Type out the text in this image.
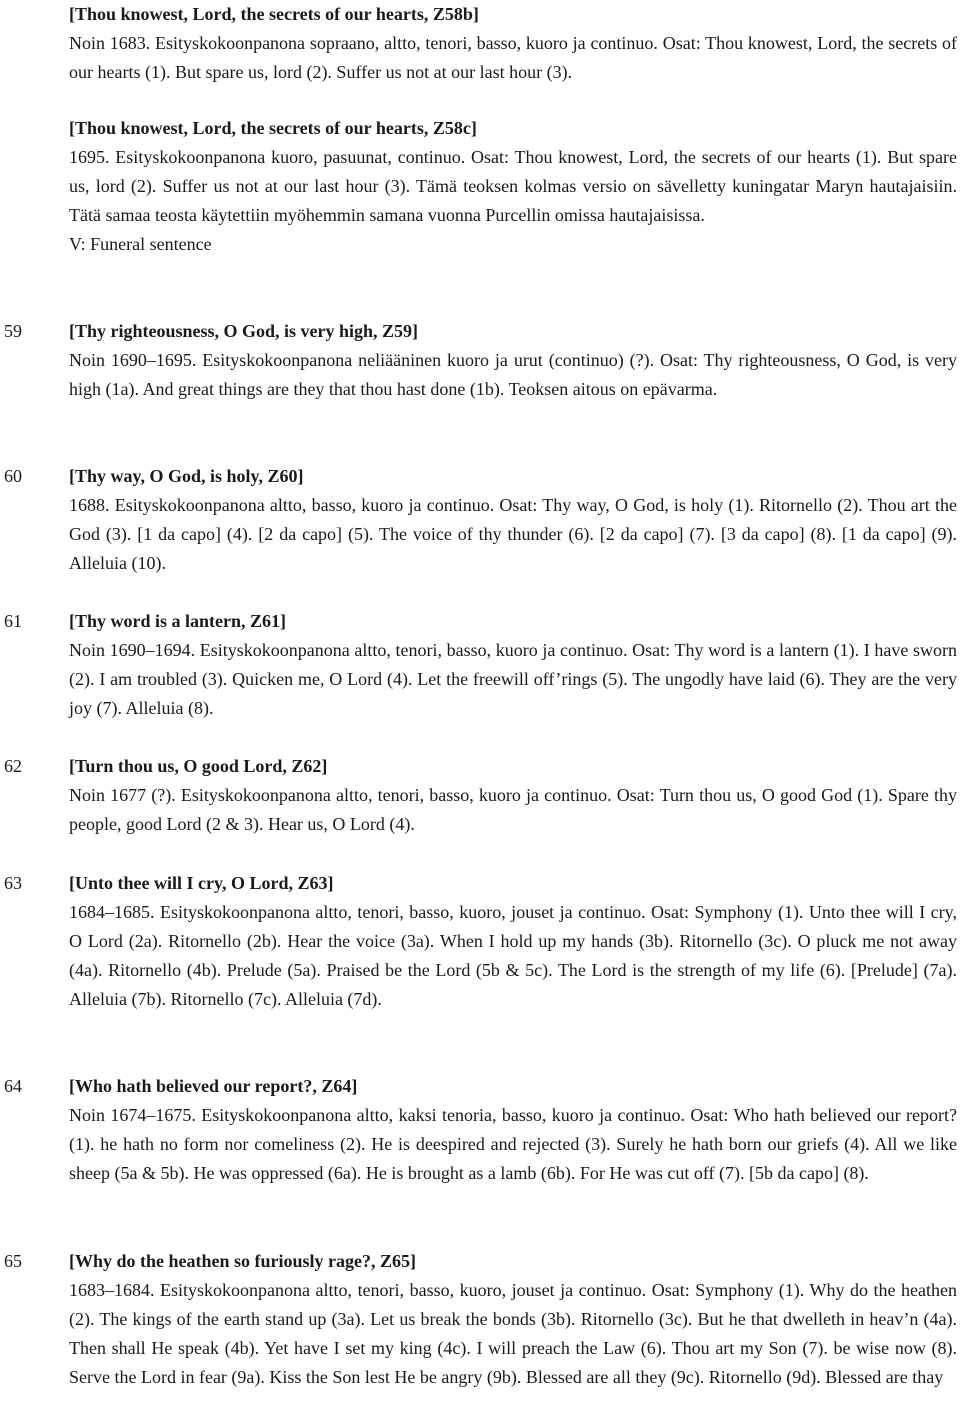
[Thou knowest, Lord, the secrets of our hearts, Z58b]
Noin 1683. Esityskokoonpanona sopraano, altto, tenori, basso, kuoro ja continuo. Osat: Thou knowest, Lord, the secrets of our hearts (1). But spare us, lord (2). Suffer us not at our last hour (3).
[Thou knowest, Lord, the secrets of our hearts, Z58c]
1695. Esityskokoonpanona kuoro, pasuunat, continuo. Osat: Thou knowest, Lord, the secrets of our hearts (1). But spare us, lord (2). Suffer us not at our last hour (3). Tämä teoksen kolmas versio on sävelletty kuningatar Maryn hautajaisiin. Tätä samaa teosta käytettiin myöhemmin samana vuonna Purcellin omissa hautajaisissa.
V: Funeral sentence
59	[Thy righteousness, O God, is very high, Z59]
Noin 1690–1695. Esityskokoonpanona neliääninen kuoro ja urut (continuo) (?). Osat: Thy righteousness, O God, is very high (1a). And great things are they that thou hast done (1b). Teoksen aitous on epävarma.
60	[Thy way, O God, is holy, Z60]
1688. Esityskokoonpanona altto, basso, kuoro ja continuo. Osat: Thy way, O God, is holy (1). Ritornello (2). Thou art the God (3). [1 da capo] (4). [2 da capo] (5). The voice of thy thunder (6). [2 da capo] (7). [3 da capo] (8). [1 da capo] (9). Alleluia (10).
61	[Thy word is a lantern, Z61]
Noin 1690–1694. Esityskokoonpanona altto, tenori, basso, kuoro ja continuo. Osat: Thy word is a lantern (1). I have sworn (2). I am troubled (3). Quicken me, O Lord (4). Let the freewill off’rings (5). The ungodly have laid (6). They are the very joy (7). Alleluia (8).
62	[Turn thou us, O good Lord, Z62]
Noin 1677 (?). Esityskokoonpanona altto, tenori, basso, kuoro ja continuo. Osat: Turn thou us, O good God (1). Spare thy people, good Lord (2 & 3). Hear us, O Lord (4).
63	[Unto thee will I cry, O Lord, Z63]
1684–1685. Esityskokoonpanona altto, tenori, basso, kuoro, jouset ja continuo. Osat: Symphony (1). Unto thee will I cry, O Lord (2a). Ritornello (2b). Hear the voice (3a). When I hold up my hands (3b). Ritornello (3c). O pluck me not away (4a). Ritornello (4b). Prelude (5a). Praised be the Lord (5b & 5c). The Lord is the strength of my life (6). [Prelude] (7a). Alleluia (7b). Ritornello (7c). Alleluia (7d).
64	[Who hath believed our report?, Z64]
Noin 1674–1675. Esityskokoonpanona altto, kaksi tenoria, basso, kuoro ja continuo. Osat: Who hath believed our report? (1). he hath no form nor comeliness (2). He is deespired and rejected (3). Surely he hath born our griefs (4). All we like sheep (5a & 5b). He was oppressed (6a). He is brought as a lamb (6b). For He was cut off (7). [5b da capo] (8).
65	[Why do the heathen so furiously rage?, Z65]
1683–1684. Esityskokoonpanona altto, tenori, basso, kuoro, jouset ja continuo. Osat: Symphony (1). Why do the heathen (2). The kings of the earth stand up (3a). Let us break the bonds (3b). Ritornello (3c). But he that dwelleth in heav’n (4a). Then shall He speak (4b). Yet have I set my king (4c). I will preach the Law (6). Thou art my Son (7). be wise now (8). Serve the Lord in fear (9a). Kiss the Son lest He be angry (9b). Blessed are all they (9c). Ritornello (9d). Blessed are thay
